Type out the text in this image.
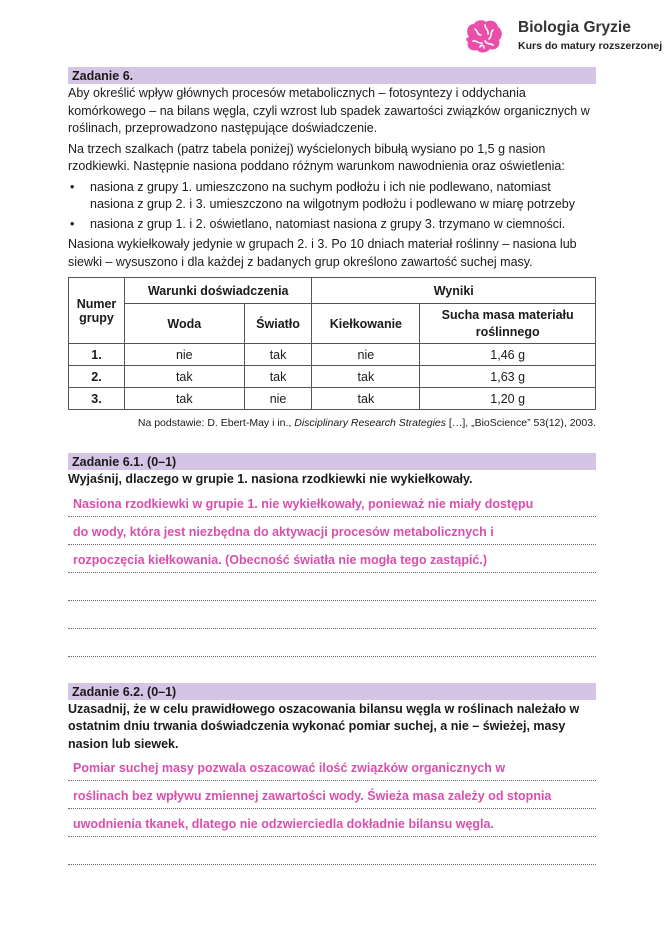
Biologia Gryzie
Kurs do matury rozszerzonej
Zadanie 6.

Aby określić wpływ głównych procesów metabolicznych – fotosyntezy i oddychania komórkowego – na bilans węgla, czyli wzrost lub spadek zawartości związków organicznych w roślinach, przeprowadzono następujące doświadczenie.

Na trzech szalkach (patrz tabela poniżej) wyścielonych bibułą wysiano po 1,5 g nasion rzodkiewki. Następnie nasiona poddano różnym warunkom nawodnienia oraz oświetlenia:

• nasiona z grupy 1. umieszczono na suchym podłożu i ich nie podlewano, natomiast nasiona z grup 2. i 3. umieszczono na wilgotnym podłożu i podlewano w miarę potrzeby
• nasiona z grup 1. i 2. oświetlano, natomiast nasiona z grupy 3. trzymano w ciemności.

Nasiona wykiełkowały jedynie w grupach 2. i 3. Po 10 dniach materiał roślinny – nasiona lub siewki – wysuszono i dla każdej z badanych grup określono zawartość suchej masy.

Numer grupy	Warunki doświadczenia		Wyniki	
	Woda	Światło	Kiełkowanie	Sucha masa materiału roślinnego
1.	nie	tak	nie	1,46 g
2.	tak	tak	tak	1,63 g
3.	tak	nie	tak	1,20 g
Na podstawie: D. Ebert-May i in., Disciplinary Research Strategies […], „BioScience” 53(12), 2003.
Zadanie 6.1. (0–1)

Wyjaśnij, dlaczego w grupie 1. nasiona rzodkiewki nie wykiełkowały.

Nasiona rzodkiewki w grupie 1. nie wykiełkowały, ponieważ nie miały dostępu
do wody, która jest niezbędna do aktywacji procesów metabolicznych i
rozpoczęcia kiełkowania. (Obecność światła nie mogła tego zastąpić.)
Zadanie 6.2. (0–1)

Uzasadnij, że w celu prawidłowego oszacowania bilansu węgla w roślinach należało w ostatnim dniu trwania doświadczenia wykonać pomiar suchej, a nie – świeżej, masy nasion lub siewek.

Pomiar suchej masy pozwala oszacować ilość związków organicznych w
roślinach bez wpływu zmiennej zawartości wody. Świeża masa zależy od stopnia
uwodnienia tkanek, dlatego nie odzwierciedla dokładnie bilansu węgla.
